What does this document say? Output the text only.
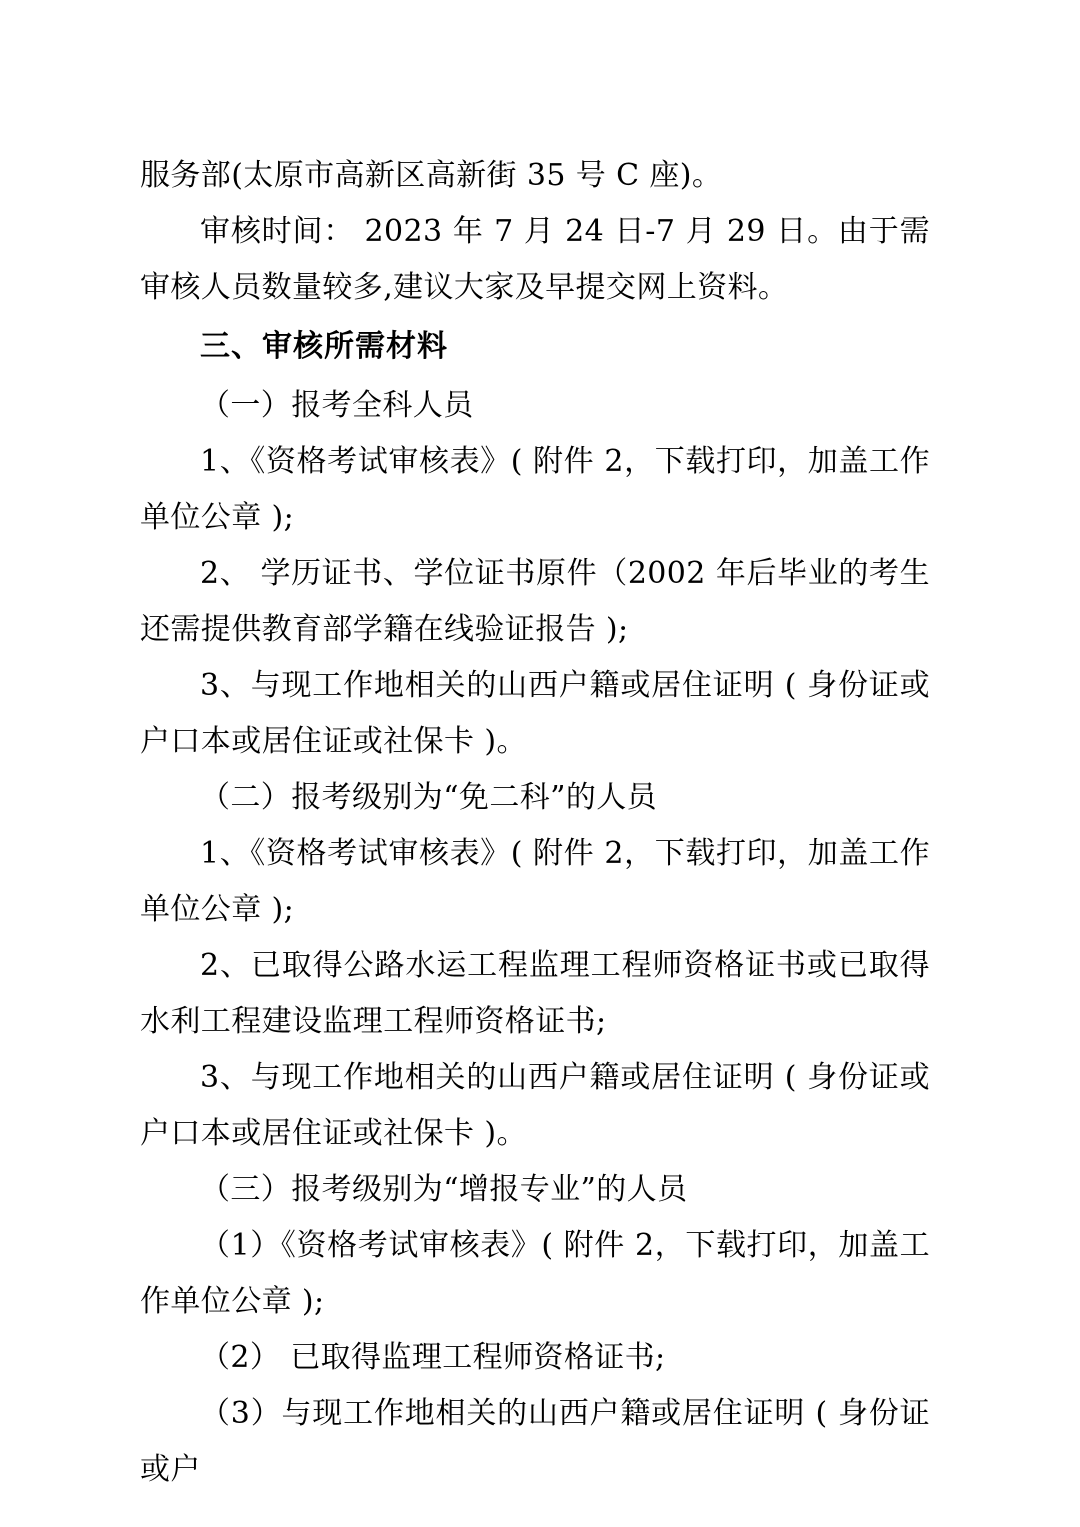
服务部(太原市高新区高新街 35 号 C 座)。

审核时间： 2023 年 7 月 24 日-7 月 29 日。由于需审核人员数量较多,建议大家及早提交网上资料。

三、审核所需材料

（一）报考全科人员

1、《资格考试审核表》( 附件 2，下载打印，加盖工作单位公章 );

2、 学历证书、学位证书原件（2002 年后毕业的考生还需提供教育部学籍在线验证报告 );

3、与现工作地相关的山西户籍或居住证明 ( 身份证或户口本或居住证或社保卡 )。

（二）报考级别为“免二科”的人员

1、《资格考试审核表》( 附件 2，下载打印，加盖工作单位公章 );

2、已取得公路水运工程监理工程师资格证书或已取得水利工程建设监理工程师资格证书;

3、与现工作地相关的山西户籍或居住证明 ( 身份证或户口本或居住证或社保卡 )。

（三）报考级别为“增报专业”的人员

（1）《资格考试审核表》( 附件 2，下载打印，加盖工作单位公章 );

（2） 已取得监理工程师资格证书;

（3）与现工作地相关的山西户籍或居住证明 ( 身份证或户
